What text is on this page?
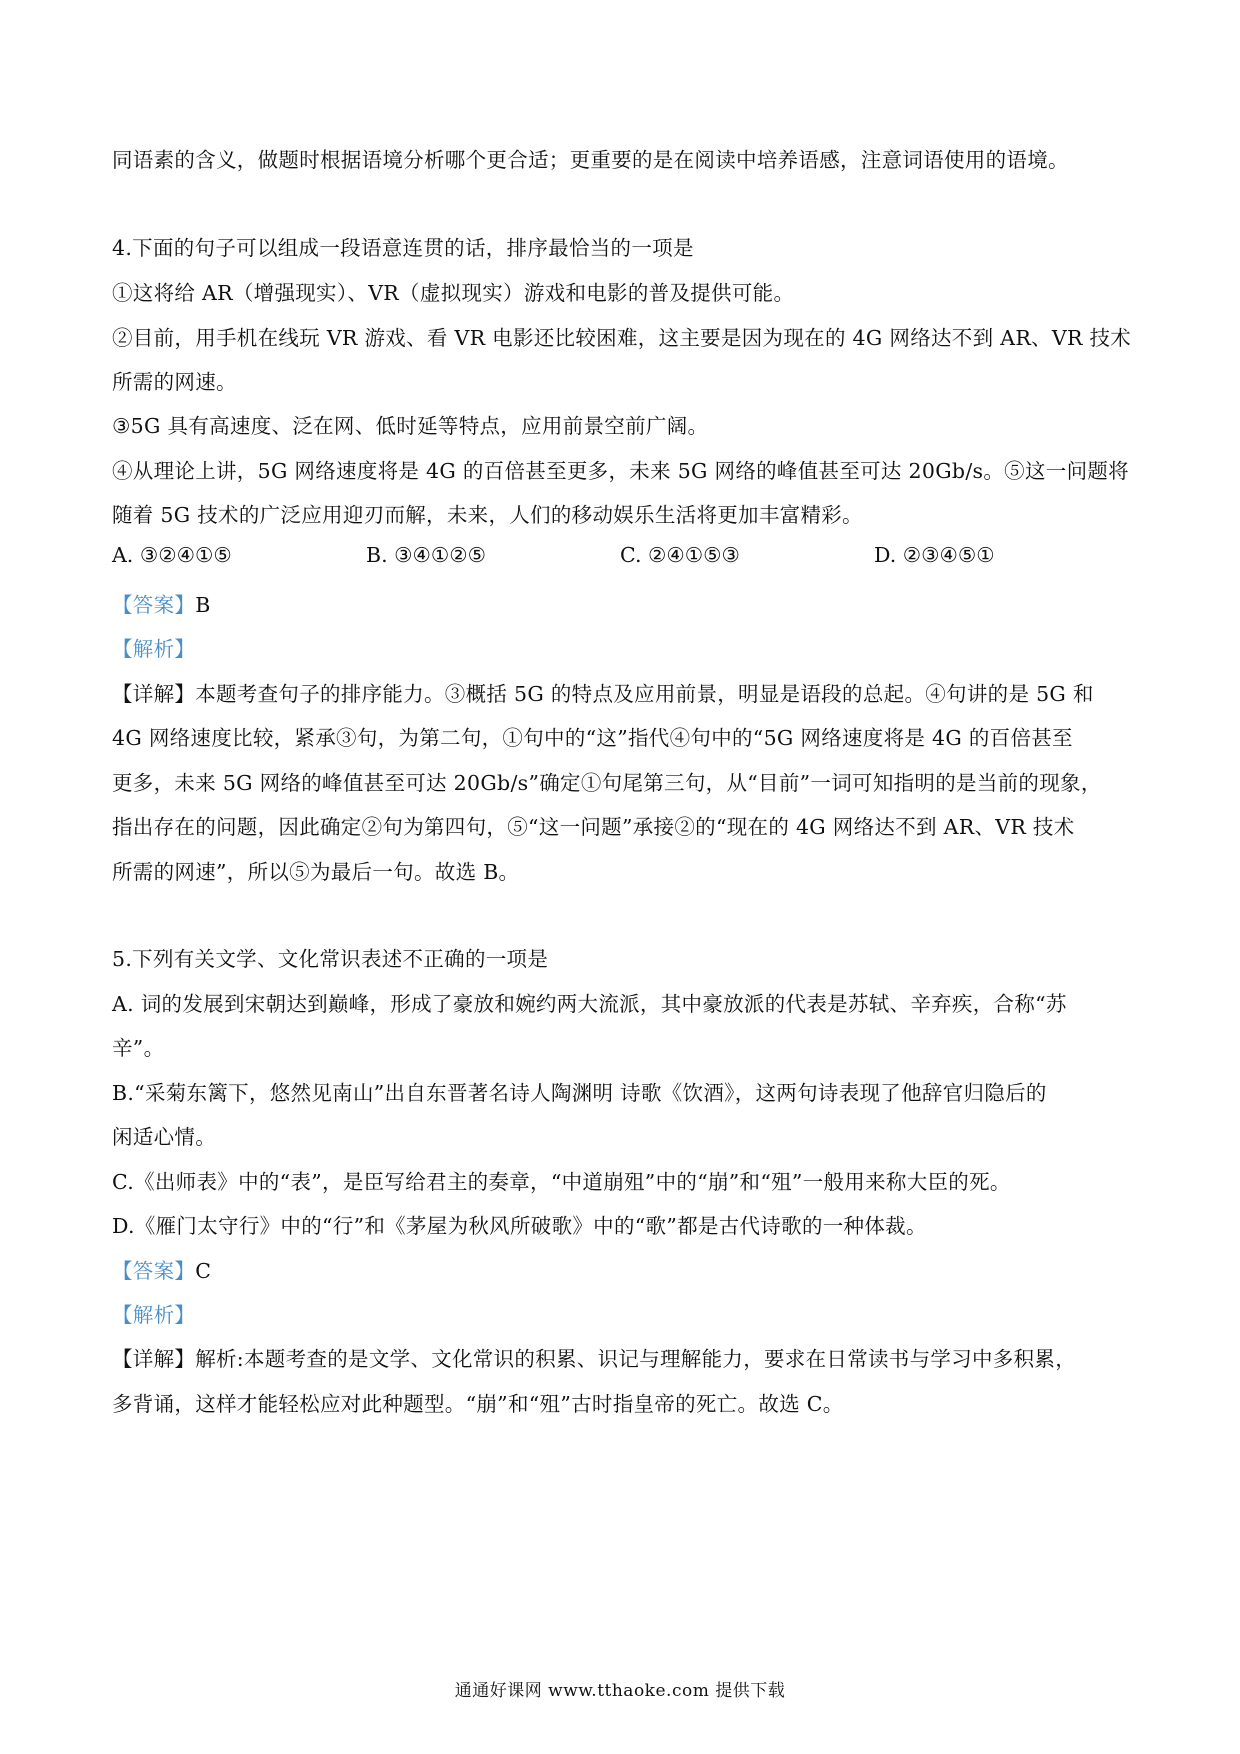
同语素的含义，做题时根据语境分析哪个更合适；更重要的是在阅读中培养语感，注意词语使用的语境。
4.下面的句子可以组成一段语意连贯的话，排序最恰当的一项是
①这将给 AR（增强现实）、VR（虚拟现实）游戏和电影的普及提供可能。
②目前，用手机在线玩 VR 游戏、看 VR 电影还比较困难，这主要是因为现在的 4G 网络达不到 AR、VR 技术
所需的网速。
③5G 具有高速度、泛在网、低时延等特点，应用前景空前广阔。
④从理论上讲，5G 网络速度将是 4G 的百倍甚至更多，未来 5G 网络的峰值甚至可达 20Gb/s。⑤这一问题将
随着 5G 技术的广泛应用迎刃而解，未来，人们的移动娱乐生活将更加丰富精彩。
A. ③②④①⑤	B. ③④①②⑤	C. ②④①⑤③	D. ②③④⑤①
【答案】B
【解析】
【详解】本题考查句子的排序能力。③概括 5G 的特点及应用前景，明显是语段的总起。④句讲的是 5G 和
4G 网络速度比较，紧承③句，为第二句，①句中的“这”指代④句中的“5G 网络速度将是 4G 的百倍甚至
更多，未来 5G 网络的峰值甚至可达 20Gb/s”确定①句尾第三句，从“目前”一词可知指明的是当前的现象，
指出存在的问题，因此确定②句为第四句，⑤“这一问题”承接②的“现在的 4G 网络达不到 AR、VR 技术
所需的网速”，所以⑤为最后一句。故选 B。
5.下列有关文学、文化常识表述不正确的一项是
A. 词的发展到宋朝达到巅峰，形成了豪放和婉约两大流派，其中豪放派的代表是苏轼、辛弃疾，合称“苏
辛”。
B.“采菊东篱下，悠然见南山”出自东晋著名诗人陶渊明 诗歌《饮酒》，这两句诗表现了他辞官归隐后的
闲适心情。
C.《出师表》中的“表”，是臣写给君主的奏章，“中道崩殂”中的“崩”和“殂”一般用来称大臣的死。
D.《雁门太守行》中的“行”和《茅屋为秋风所破歌》中的“歌”都是古代诗歌的一种体裁。
【答案】C
【解析】
【详解】解析:本题考查的是文学、文化常识的积累、识记与理解能力，要求在日常读书与学习中多积累，
多背诵，这样才能轻松应对此种题型。“崩”和“殂”古时指皇帝的死亡。故选 C。
通通好课网 www.tthaoke.com 提供下载
